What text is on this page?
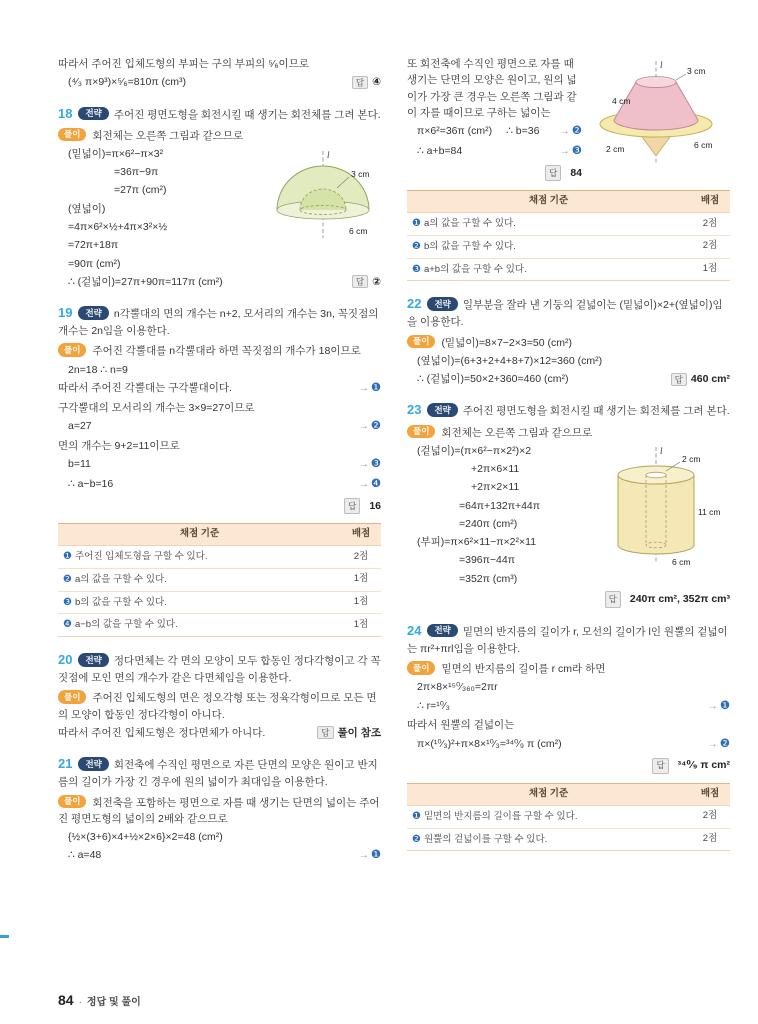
따라서 주어진 입체도형의 부피는 구의 부피의 ⁵⁄₆이므로

(⁴⁄₃ π×9³)×⁵⁄₆=810π (cm³)	답 ④
18 전략 주어진 평면도형을 회전시킬 때 생기는 회전체를 그려 본다.

풀이 회전체는 오른쪽 그림과 같으므로

l
3 cm
6 cm

(밑넓이)=π×6²−π×3²

=36π−9π

=27π (cm²)

(옆넓이)

=4π×6²×½+4π×3²×½

=72π+18π

=90π (cm²)

∴ (겉넓이)=27π+90π=117π (cm²)	답 ②
19 전략 n각뿔대의 면의 개수는 n+2, 모서리의 개수는 3n, 꼭짓점의 개수는 2n임을 이용한다.

풀이 주어진 각뿔대를 n각뿔대라 하면 꼭짓점의 개수가 18이므로

2n=18 ∴ n=9

따라서 주어진 각뿔대는 구각뿔대이다.	→ ❶

구각뿔대의 모서리의 개수는 3×9=27이므로

a=27	→ ❷

면의 개수는 9+2=11이므로

b=11	→ ❸
∴ a−b=16	→ ❹
답	16
채점 기준	배점
❶ 주어진 입체도형을 구할 수 있다.	2점
❷ a의 값을 구할 수 있다.	1점
❸ b의 값을 구할 수 있다.	1점
❹ a−b의 값을 구할 수 있다.	1점
20 전략 정다면체는 각 면의 모양이 모두 합동인 정다각형이고 각 꼭짓점에 모인 면의 개수가 같은 다면체임을 이용한다.

풀이 주어진 입체도형의 면은 정오각형 또는 정육각형이므로 모든 면의 모양이 합동인 정다각형이 아니다.

따라서 주어진 입체도형은 정다면체가 아니다.	답 풀이 참조
21 전략 회전축에 수직인 평면으로 자른 단면의 모양은 원이고 반지름의 길이가 가장 긴 경우에 원의 넓이가 최대임을 이용한다.

풀이 회전축을 포함하는 평면으로 자를 때 생기는 단면의 넓이는 주어진 평면도형의 넓이의 2배와 같으므로

{½×(3+6)×4+½×2×6}×2=48 (cm²)

∴ a=48	→ ❶
l
3 cm
4 cm
2 cm	6 cm

또 회전축에 수직인 평면으로 자를 때 생기는 단면의 모양은 원이고, 원의 넓이가 가장 큰 경우는 오른쪽 그림과 같이 자를 때이므로 구하는 넓이는

π×6²=36π (cm²) ∴ b=36	→ ❷
∴ a+b=84	→ ❸
답	84
채점 기준	배점
❶ a의 값을 구할 수 있다.	2점
❷ b의 값을 구할 수 있다.	2점
❸ a+b의 값을 구할 수 있다.	1점
22 전략 일부분을 잘라 낸 기둥의 겉넓이는 (밑넓이)×2+(옆넓이)임을 이용한다.

풀이 (밑넓이)=8×7−2×3=50 (cm²)

(옆넓이)=(6+3+2+4+8+7)×12=360 (cm²)

∴ (겉넓이)=50×2+360=460 (cm²)	답 460 cm²
23 전략 주어진 평면도형을 회전시킬 때 생기는 회전체를 그려 본다.

풀이 회전체는 오른쪽 그림과 같으므로

l
2 cm
11 cm
6 cm

(겉넓이)=(π×6²−π×2²)×2

+2π×6×11

+2π×2×11

=64π+132π+44π

=240π (cm²)

(부피)=π×6²×11−π×2²×11

=396π−44π

=352π (cm³)

답	240π cm², 352π cm³
24 전략 밑면의 반지름의 길이가 r, 모선의 길이가 l인 원뿔의 겉넓이는 πr²+πrl임을 이용한다.

풀이 밑면의 반지름의 길이를 r cm라 하면

2π×8×¹⁵⁰⁄₃₆₀=2πr

∴ r=¹⁰⁄₃	→ ❶

따라서 원뿔의 겉넓이는

π×(¹⁰⁄₃)²+π×8×¹⁰⁄₃=³⁴⁰⁄₉ π (cm²)	→ ❷
답	³⁴⁰⁄₉ π cm²
채점 기준	배점
❶ 밑면의 반지름의 길이를 구할 수 있다.	2점
❷ 원뿔의 겉넓이를 구할 수 있다.	2점
84 · 정답 및 풀이
